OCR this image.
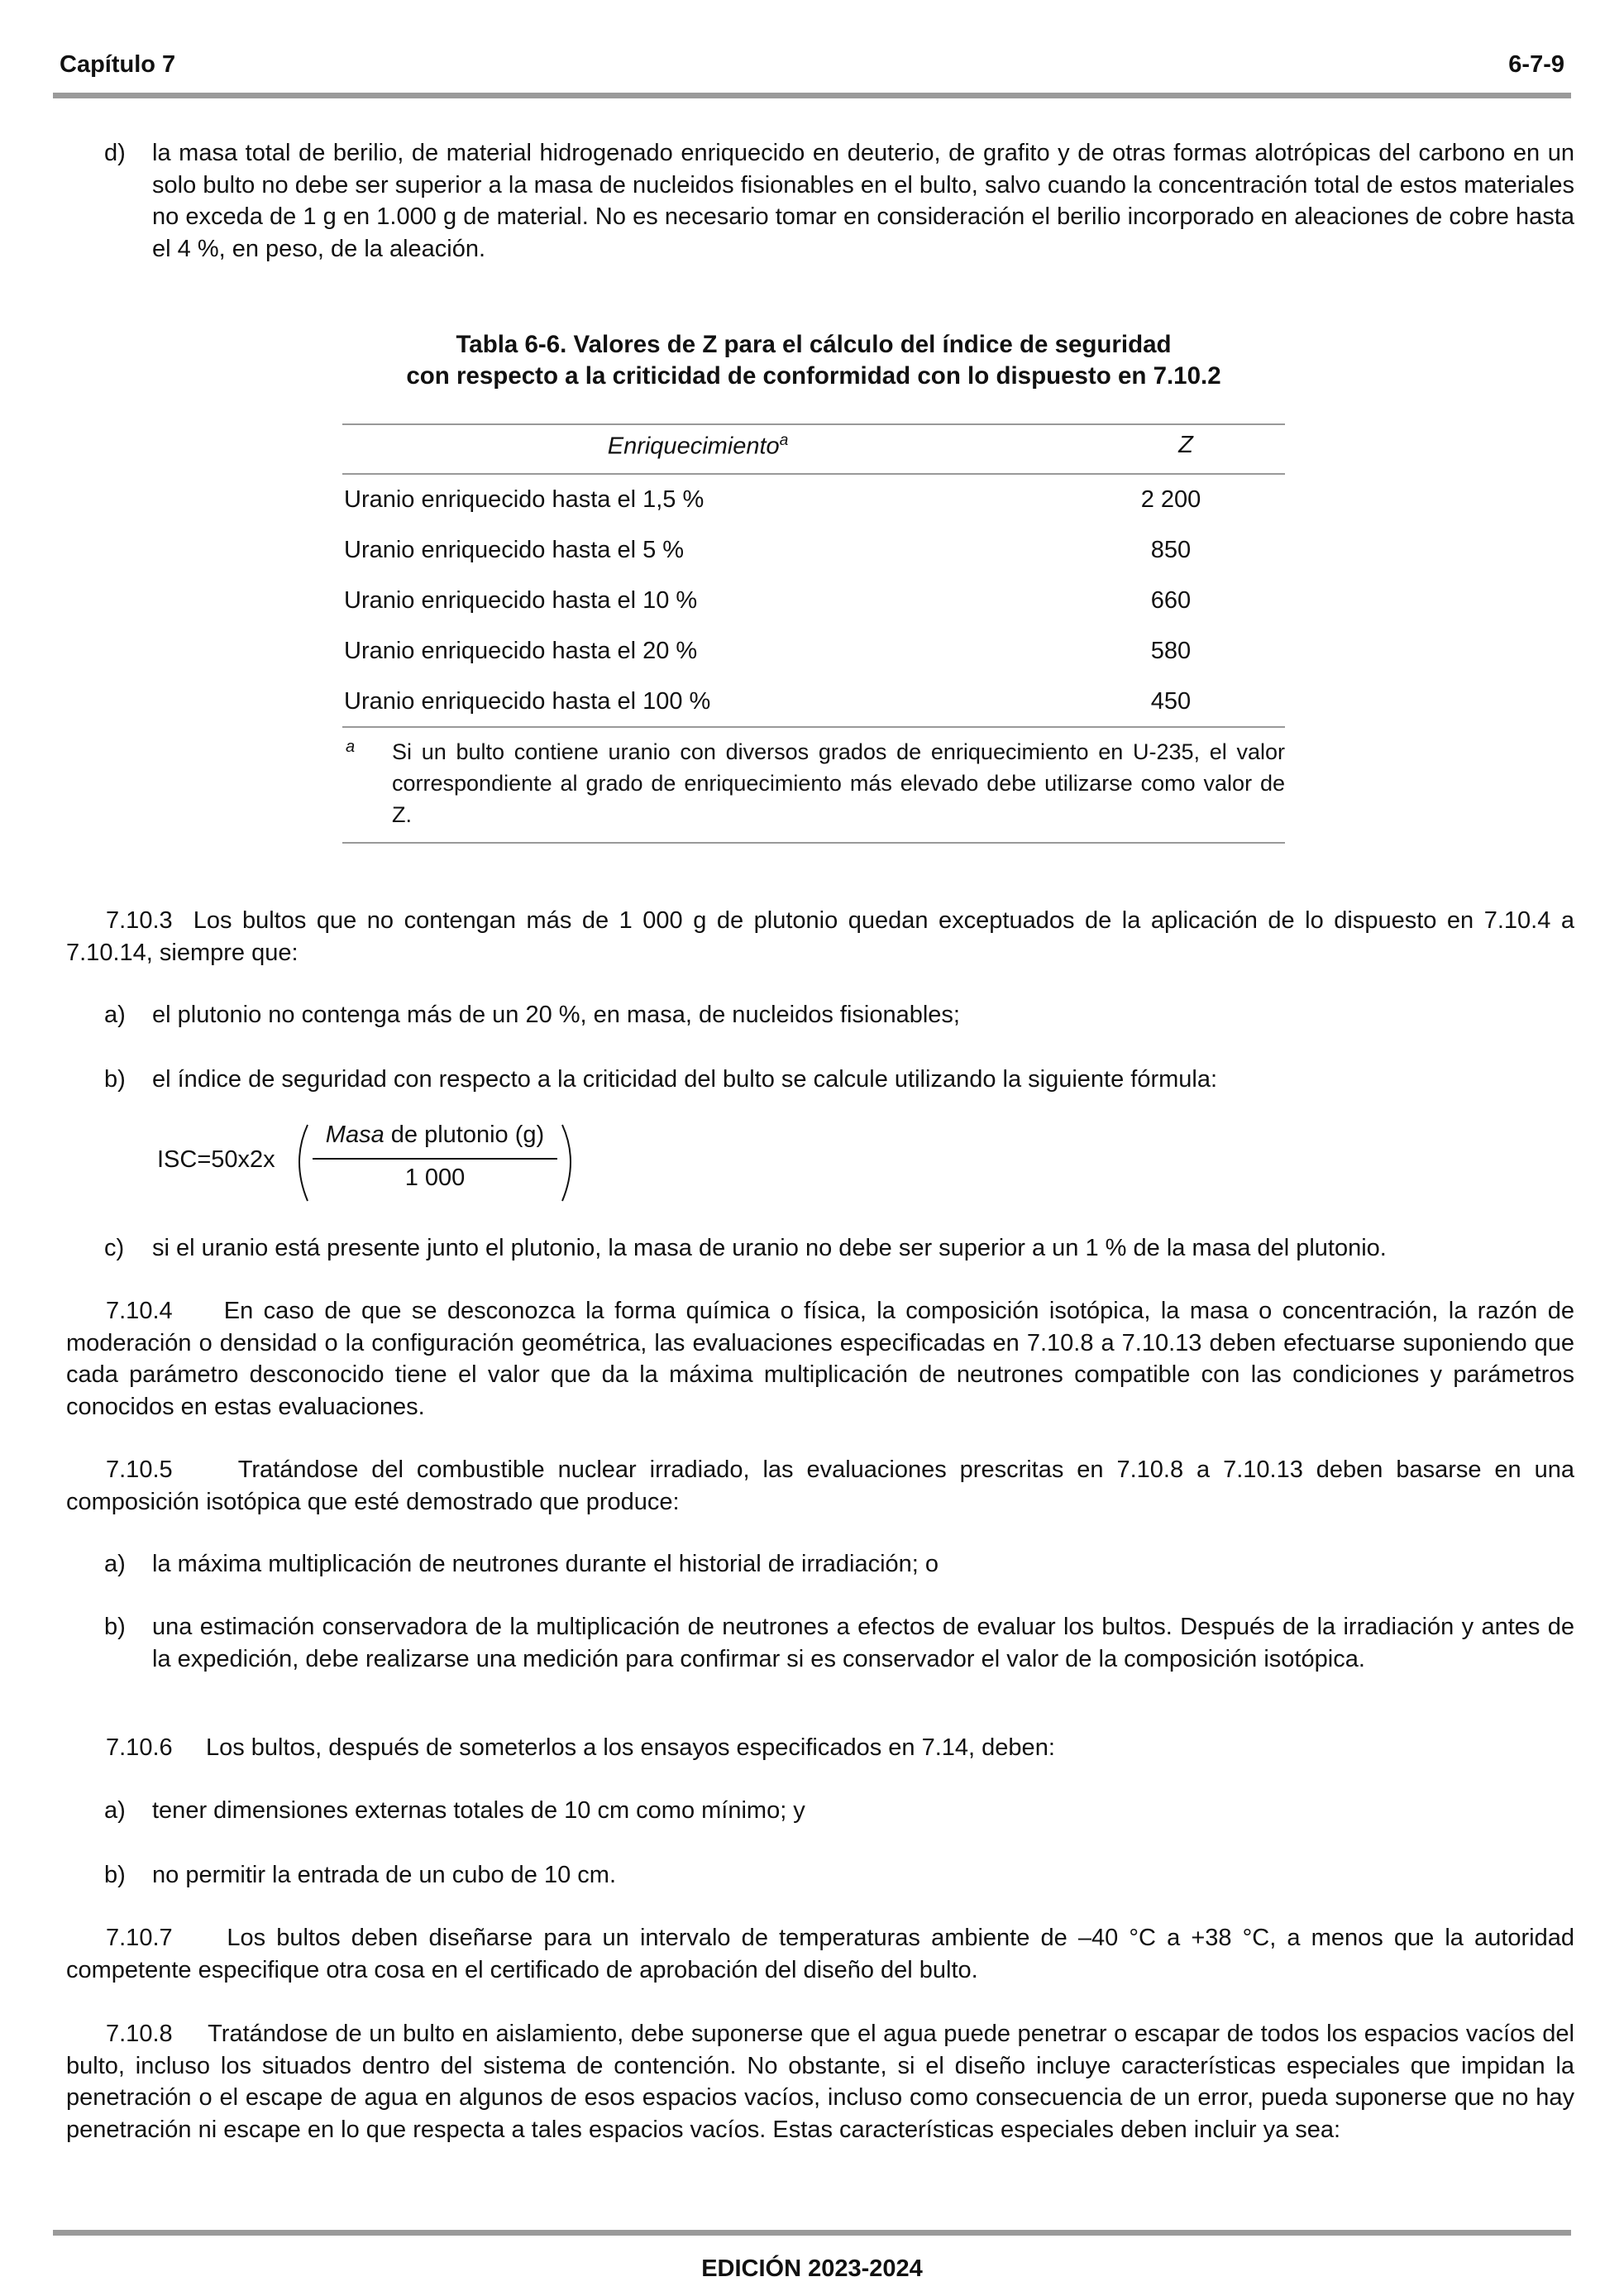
Capítulo 7	6-7-9
d) la masa total de berilio, de material hidrogenado enriquecido en deuterio, de grafito y de otras formas alotrópicas del carbono en un solo bulto no debe ser superior a la masa de nucleidos fisionables en el bulto, salvo cuando la concentración total de estos materiales no exceda de 1 g en 1.000 g de material. No es necesario tomar en consideración el berilio incorporado en aleaciones de cobre hasta el 4 %, en peso, de la aleación.
Tabla 6-6. Valores de Z para el cálculo del índice de seguridad
con respecto a la criticidad de conformidad con lo dispuesto en 7.10.2
Enriquecimiento$^a$	Z
Uranio enriquecido hasta el 1,5 %	2 200
Uranio enriquecido hasta el 5 %	850
Uranio enriquecido hasta el 10 %	660
Uranio enriquecido hasta el 20 %	580
Uranio enriquecido hasta el 100 %	450
a Si un bulto contiene uranio con diversos grados de enriquecimiento en U-235, el valor correspondiente al grado de enriquecimiento más elevado debe utilizarse como valor de Z.

7.10.3 Los bultos que no contengan más de 1 000 g de plutonio quedan exceptuados de la aplicación de lo dispuesto en 7.10.4 a 7.10.14, siempre que:

a) el plutonio no contenga más de un 20 %, en masa, de nucleidos fisionables;
b) el índice de seguridad con respecto a la criticidad del bulto se calcule utilizando la siguiente fórmula:
ISC=50x2x
Masa de plutonio (g)
1 000
c) si el uranio está presente junto el plutonio, la masa de uranio no debe ser superior a un 1 % de la masa del plutonio.

7.10.4 En caso de que se desconozca la forma química o física, la composición isotópica, la masa o concentración, la razón de moderación o densidad o la configuración geométrica, las evaluaciones especificadas en 7.10.8 a 7.10.13 deben efectuarse suponiendo que cada parámetro desconocido tiene el valor que da la máxima multiplicación de neutrones compatible con las condiciones y parámetros conocidos en estas evaluaciones.

7.10.5	Tratándose del combustible nuclear irradiado, las evaluaciones prescritas en 7.10.8 a 7.10.13 deben basarse en una composición isotópica que esté demostrado que produce:

a) la máxima multiplicación de neutrones durante el historial de irradiación; o
b) una estimación conservadora de la multiplicación de neutrones a efectos de evaluar los bultos. Después de la irradiación y antes de la expedición, debe realizarse una medición para confirmar si es conservador el valor de la composición isotópica.

7.10.6 Los bultos, después de someterlos a los ensayos especificados en 7.14, deben:

a) tener dimensiones externas totales de 10 cm como mínimo; y
b) no permitir la entrada de un cubo de 10 cm.

7.10.7 Los bultos deben diseñarse para un intervalo de temperaturas ambiente de –40 °C a +38 °C, a menos que la autoridad competente especifique otra cosa en el certificado de aprobación del diseño del bulto.

7.10.8 Tratándose de un bulto en aislamiento, debe suponerse que el agua puede penetrar o escapar de todos los espacios vacíos del bulto, incluso los situados dentro del sistema de contención. No obstante, si el diseño incluye características especiales que impidan la penetración o el escape de agua en algunos de esos espacios vacíos, incluso como consecuencia de un error, pueda suponerse que no hay penetración ni escape en lo que respecta a tales espacios vacíos. Estas características especiales deben incluir ya sea:

EDICIÓN 2023-2024
